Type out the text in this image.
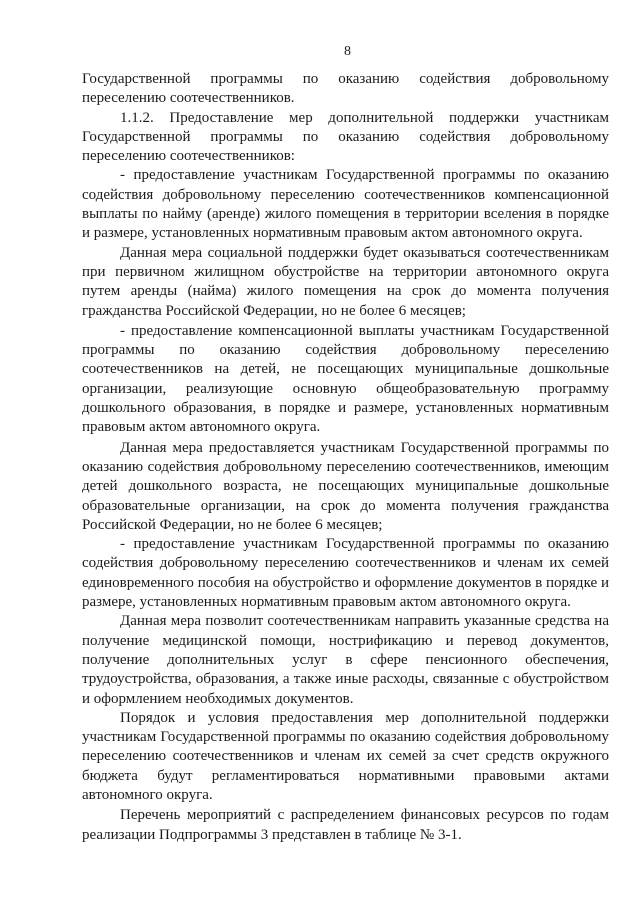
8

Государственной программы по оказанию содействия добровольному переселению соотечественников.

1.1.2. Предоставление мер дополнительной поддержки участникам Государственной программы по оказанию содействия добровольному переселению соотечественников:

- предоставление участникам Государственной программы по оказанию содействия добровольному переселению соотечественников компенсационной выплаты по найму (аренде) жилого помещения в территории вселения в порядке и размере, установленных нормативным правовым актом автономного округа.

Данная мера социальной поддержки будет оказываться соотечественникам при первичном жилищном обустройстве на территории автономного округа путем аренды (найма) жилого помещения на срок до момента получения гражданства Российской Федерации, но не более 6 месяцев;

- предоставление компенсационной выплаты участникам Государственной программы по оказанию содействия добровольному переселению соотечественников на детей, не посещающих муниципальные дошкольные организации, реализующие основную общеобразовательную программу дошкольного образования, в порядке и размере, установленных нормативным правовым актом автономного округа.

Данная мера предоставляется участникам Государственной программы по оказанию содействия добровольному переселению соотечественников, имеющим детей дошкольного возраста, не посещающих муниципальные дошкольные образовательные организации, на срок до момента получения гражданства Российской Федерации, но не более 6 месяцев;

- предоставление участникам Государственной программы по оказанию содействия добровольному переселению соотечественников и членам их семей единовременного пособия на обустройство и оформление документов в порядке и размере, установленных нормативным правовым актом автономного округа.

Данная мера позволит соотечественникам направить указанные средства на получение медицинской помощи, нострификацию и перевод документов, получение дополнительных услуг в сфере пенсионного обеспечения, трудоустройства, образования, а также иные расходы, связанные с обустройством и оформлением необходимых документов.

Порядок и условия предоставления мер дополнительной поддержки участникам Государственной программы по оказанию содействия добровольному переселению соотечественников и членам их семей за счет средств окружного бюджета будут регламентироваться нормативными правовыми актами автономного округа.

Перечень мероприятий с распределением финансовых ресурсов по годам реализации Подпрограммы 3 представлен в таблице № 3-1.
